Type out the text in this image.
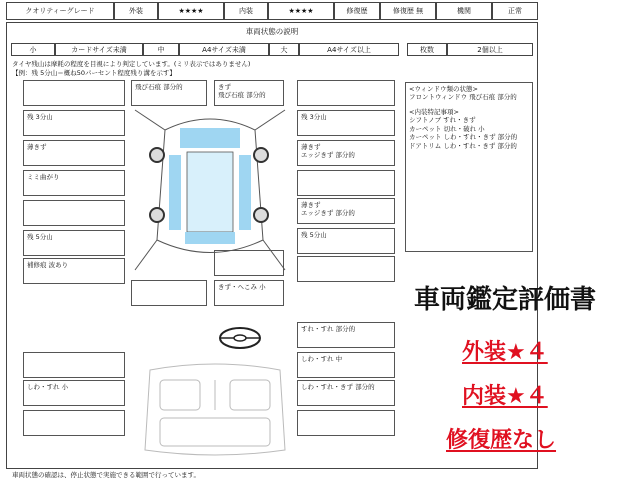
クオリティーグレード	外装	★★★★	内装	★★★★	修復歴	修復歴 無	機関	正常
車両状態の説明
小	カードサイズ未満	中	A4サイズ未満	大	A4サイズ以上	枚数	2個以上
タイヤ残山は摩耗の程度を目視により判定しています。(ミリ表示ではありません)
【例：残 5分山＝概ね50パーセント程度残り溝を示す】
残 3分山
薄きず
ミミ曲がり
残 5分山
補修痕 波あり
飛び石痕 部分的	きず
飛び石痕 部分的
残 3分山
薄きず
エッジきず 部分的
薄きず
エッジきず 部分的
残 5分山
きず・へこみ 小
<ウィンドウ類の状態>
フロントウィンドウ 飛び石痕 部分的
<内装特記事項>
シフトノブ すれ・きず
カーペット 切れ・破れ 小
カーペット しわ・すれ・きず 部分的
ドアトリム しわ・すれ・きず 部分的
すれ・すれ 部分的
しわ・すれ 中
しわ・すれ 小	しわ・すれ・きず 部分的
車両状態の確認は、停止状態で実施できる範囲で行っています。
車両鑑定評価書
外装★４
内装★４
修復歴なし
